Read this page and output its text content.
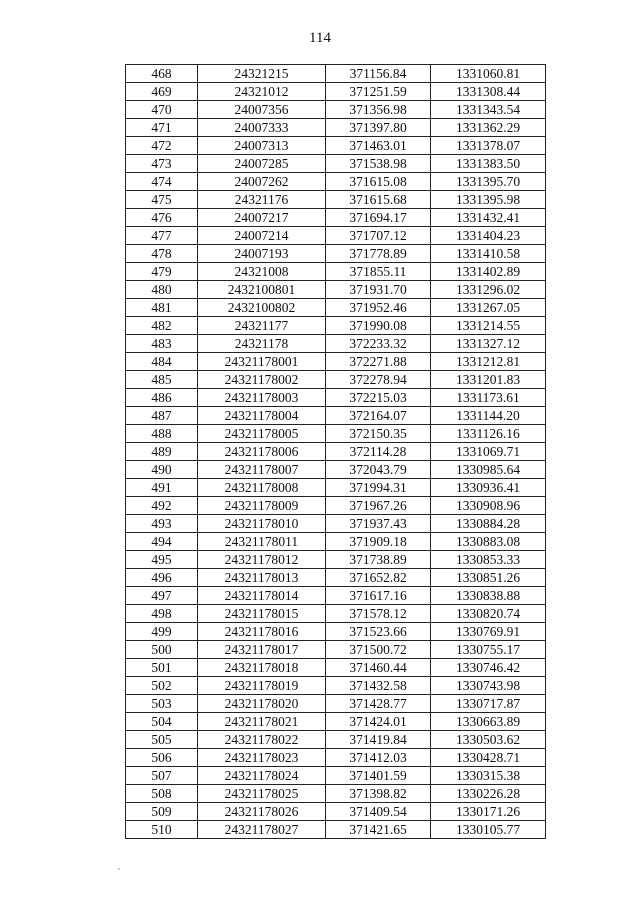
114
468	24321215	371156.84	1331060.81
469	24321012	371251.59	1331308.44
470	24007356	371356.98	1331343.54
471	24007333	371397.80	1331362.29
472	24007313	371463.01	1331378.07
473	24007285	371538.98	1331383.50
474	24007262	371615.08	1331395.70
475	24321176	371615.68	1331395.98
476	24007217	371694.17	1331432.41
477	24007214	371707.12	1331404.23
478	24007193	371778.89	1331410.58
479	24321008	371855.11	1331402.89
480	2432100801	371931.70	1331296.02
481	2432100802	371952.46	1331267.05
482	24321177	371990.08	1331214.55
483	24321178	372233.32	1331327.12
484	24321178001	372271.88	1331212.81
485	24321178002	372278.94	1331201.83
486	24321178003	372215.03	1331173.61
487	24321178004	372164.07	1331144.20
488	24321178005	372150.35	1331126.16
489	24321178006	372114.28	1331069.71
490	24321178007	372043.79	1330985.64
491	24321178008	371994.31	1330936.41
492	24321178009	371967.26	1330908.96
493	24321178010	371937.43	1330884.28
494	24321178011	371909.18	1330883.08
495	24321178012	371738.89	1330853.33
496	24321178013	371652.82	1330851.26
497	24321178014	371617.16	1330838.88
498	24321178015	371578.12	1330820.74
499	24321178016	371523.66	1330769.91
500	24321178017	371500.72	1330755.17
501	24321178018	371460.44	1330746.42
502	24321178019	371432.58	1330743.98
503	24321178020	371428.77	1330717.87
504	24321178021	371424.01	1330663.89
505	24321178022	371419.84	1330503.62
506	24321178023	371412.03	1330428.71
507	24321178024	371401.59	1330315.38
508	24321178025	371398.82	1330226.28
509	24321178026	371409.54	1330171.26
510	24321178027	371421.65	1330105.77
